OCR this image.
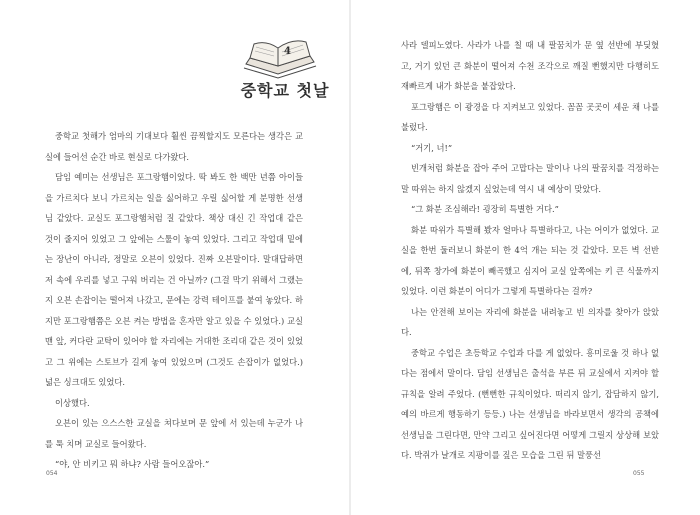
4
중학교 첫날

중학교 첫해가 엄마의 기대보다 훨씬 끔찍할지도 모른다는 생각은 교실에 들어선 순간 바로 현실로 다가왔다.

담임 예미는 선생님은 포그랑햄이었다. 딱 봐도 한 백만 년쯤 아이들을 가르치다 보니 가르치는 일을 싫어하고 우릴 싫어할 게 분명한 선생님 같았다. 교실도 포그랑햄처럼 질 같았다. 책상 대신 긴 작업대 같은 것이 줄지어 있었고 그 앞에는 스툴이 놓여 있었다. 그리고 작업대 밑에는 장난이 아니라, 정말로 오븐이 있었다. 진짜 오븐말이다. 말대답하면 저 속에 우리를 넣고 구워 버리는 건 아닐까? (그걸 막기 위해서 그랬는지 오븐 손잡이는 떨어져 나갔고, 문에는 강력 테이프를 붙여 놓았다. 하지만 포그랑햄쯤은 오븐 켜는 방법을 혼자만 알고 있을 수 있었다.) 교실 맨 앞, 커다란 교탁이 있어야 할 자리에는 거대한 조리대 같은 것이 있었고 그 위에는 스토브가 길게 놓여 있었으며 (그것도 손잡이가 없었다.) 넓은 싱크대도 있었다.

이상했다.

오븐이 있는 으스스한 교실을 쳐다보며 문 앞에 서 있는데 누군가 나를 툭 치며 교실로 들어왔다.

“야, 안 비키고 뭐 하냐? 사람 들어오잖아.”

054

사라 델피노였다. 사라가 나를 칠 때 내 팔꿈치가 문 옆 선반에 부딪혔고, 거기 있던 큰 화분이 떨어져 수천 조각으로 깨질 뻔했지만 다행히도 재빠르게 내가 화분을 붙잡았다.

포그랑햄은 이 광경을 다 지켜보고 있었다. 꼼꼼 곳곳이 세운 채 나를 불렀다.

“거기, 너!”

빈개처럼 화분을 잡아 주어 고맙다는 말이나 나의 팔꿈치를 걱정하는 말 따위는 하지 않겠지 싶었는데 역시 내 예상이 맞았다.

“그 화분 조심해라! 굉장히 특별한 거다.”

화분 따위가 특별해 봤자 얼마나 특별하다고, 나는 어이가 없었다. 교실을 한번 둘러보니 화분이 한 4억 개는 되는 것 같았다. 모든 벽 선반에, 뒤쪽 창가에 화분이 빼곡했고 심지어 교실 앞쪽에는 키 큰 식물까지 있었다. 이런 화분이 어디가 그렇게 특별하다는 걸까?

나는 안전해 보이는 자리에 화분을 내려놓고 빈 의자를 찾아가 앉았다.

중학교 수업은 초등학교 수업과 다를 게 없었다. 흥미로울 것 하나 없다는 점에서 말이다. 담임 선생님은 출석을 부른 뒤 교실에서 지켜야 할 규칙을 알려 주었다. (뻔뻔한 규칙이었다. 떠리지 않기, 잡담하지 않기, 예의 바르게 행동하기 등등.) 나는 선생님을 바라보면서 생각의 공책에 선생님을 그린다면, 만약 그리고 싶어진다면 어떻게 그릴지 상상해 보았다. 박쥐가 날개로 지팡이를 짚은 모습을 그린 뒤 말풍선

055
